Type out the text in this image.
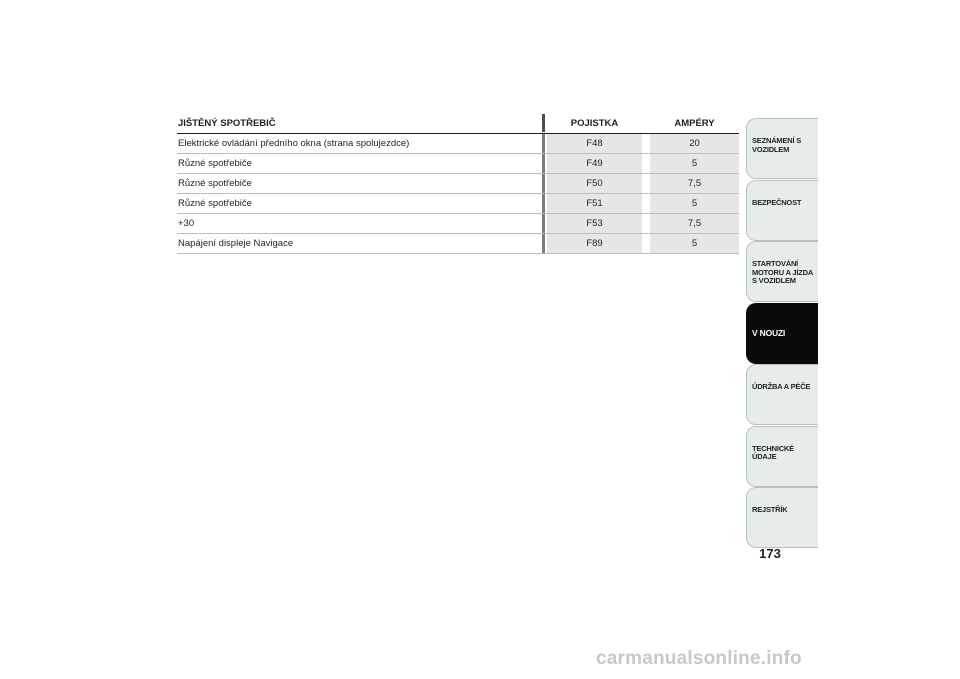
JIŠTĚNÝ SPOTŘEBIČ		POJISTKA		AMPÉRY
Elektrické ovládání předního okna (strana spolujezdce)		F48		20
Různé spotřebiče		F49		5
Různé spotřebiče		F50		7,5
Různé spotřebiče		F51		5
+30		F53		7,5
Napájení displeje Navigace		F89		5
SEZNÁMENÍ S VOZIDLEM
BEZPEČNOST
STARTOVÁNÍ MOTORU A JÍZDA S VOZIDLEM
V NOUZI
ÚDRŽBA A PÉČE
TECHNICKÉ ÚDAJE
REJSTŘÍK
173
carmanualsonline.info
